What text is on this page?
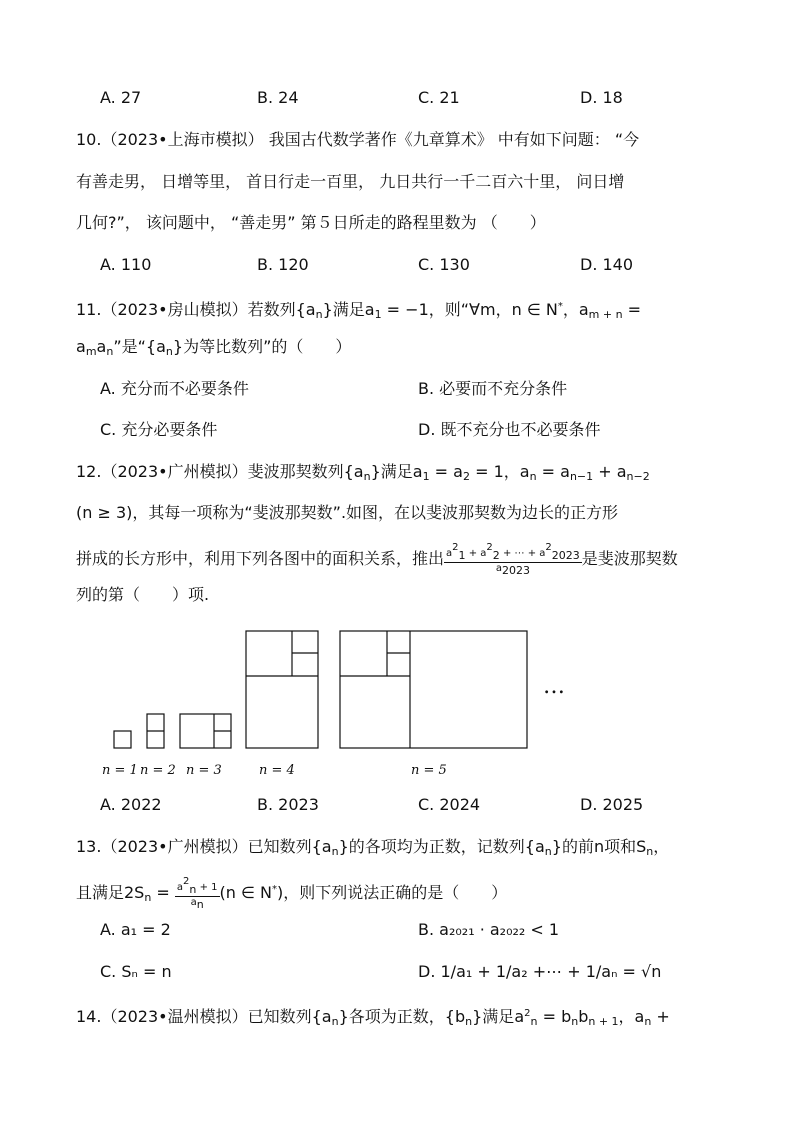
A. 27	B. 24	C. 21	D. 18
10.（2023•上海市模拟） 我国古代数学著作《九章算术》 中有如下问题： “今
有善走男， 日增等里， 首日行走一百里， 九日共行一千二百六十里， 问日增
几何?”， 该问题中， “善走男” 第５日所走的路程里数为 （　　）
A. 110	B. 120	C. 130	D. 140
11.（2023•房山模拟）若数列$\{a_n\}$满足$a_1 = -1$，则“∀m，n ∈ N*，$a_m$ $_{+ n}$ =
$a_ma_n$”是“$\{a_n\}$为等比数列”的（　　）
A. 充分而不必要条件	B. 必要而不充分条件
C. 充分必要条件	D. 既不充分也不必要条件
12.（2023•广州模拟）斐波那契数列$\{a_n\}$满足$a_1 = a_2 = 1$，$a_n = a_{n-1} + a_{n-2}$
(n ≥ 3)，其每一项称为“斐波那契数”.如图，在以斐波那契数为边长的正方形
拼成的长方形中，利用下列各图中的面积关系，推出 $\frac{a^2_1 + a^2_2 + \cdots + a^2_{2023}}{a_{2023}}$ 是斐波那契数
列的第（　　）项.
…
n = 1 n = 2 n = 3	n = 4	n = 5
A. 2022	B. 2023	C. 2024	D. 2025
13.（2023•广州模拟）已知数列$\{a_n\}$的各项均为正数，记数列$\{a_n\}$的前n项和$S_n$，
且满足$2S_n = \frac{a^2_n + 1}{a_n} (n$ ∈ N*)，则下列说法正确的是（　　）
A. a₁ = 2	B. a₂₀₂₁ · a₂₀₂₂ < 1
C. Sₙ = n	D. 1/a₁ + 1/a₂ +⋯ + 1/aₙ = √n
14.（2023•温州模拟）已知数列$\{a_n\}$各项为正数，$\{b_n\}$满足$a^2_n = b_nb_{n + 1}$，$a_n$ +
